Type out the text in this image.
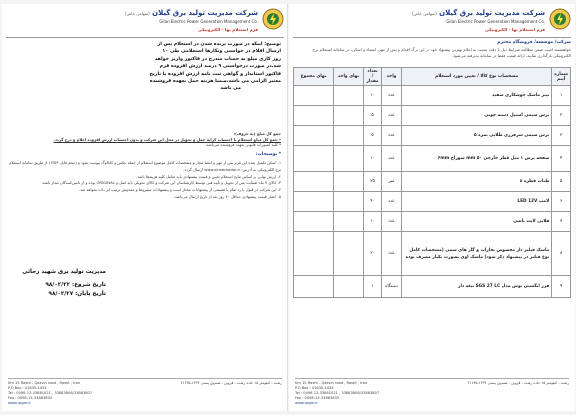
شرکت مدیریت تولید برق گیلان (سهامی خاص)
Gilan Electric Power Generation Management Co.
فرم استعلام بها - الکترونیکی
توضیح: اینکه در صورت برنده شدن در استعلام پس از
ارسال اقلام در خواستی ونکارها استعلامی طی ۱۰
روز کاری مبلغ به حساب مندرج در فاکتور واریز خواهد
شد.در صورت درخواستی ۹ درصد ارزش افزوده فرم
فاکتور استاندار و گواهی ثبت نامه ارزش افزوده با تاریخ
معتبر الزامی می باشد،ضمنا هزینه حمل بعهده فروشنده
می باشد
جمع کل مبلغ (به حروف):
* جمع کل مبلغ استعلام با احتساب کرایه حمل و تحویل در محل این شرکت و بدون احتساب ارزش افزوده اعلام و درج گردد.
* کلیه کسورات قانونی بعهده فروشنده می‌باشد.
* توضیحات:
۱- اسکن تکمیل شده این فرم پس از مهر و امضا مجاز و مشخصات کامل موضوع استعلام از جمله عکس و کاتالوگ پیوست شود و (حجم فایل PDF ) از طریق سامانه استعلام نرخ الکترونیکی به آدرس: www.simakhedar.ir ارسال گردد.
۲- ارزش نهایی بر اساس نتایج استعلام تعیین و قیمت پیشنهادی باید شامل کلیه هزینه‌ها باشد.
۳- کالای ۷ ماه ضمانت پس از تحویل و تأیید فنی توسط کارشناسان این شرکت و کالای تحویلی باید اصل و ORIGINAL بوده و از تامین‌کنندگان مجاز باشد.
۴- این شرکت در قبول یا رد تمام یا قسمتی از پیشنهادات مختار است و پیشنهادات مشروط و مخدوش ترتیب اثر داده نخواهد شد.
۵- اعتبار قیمت پیشنهادی حداقل ۳۰ روز بعد از تاریخ ارسال می‌باشد.
مدیریت تولید برق شهید رجائی
تاریخ شروع: ۹۸/۰۲/۲۲
تاریخ پایان: ۹۸/۰۲/۲۷
Km 15 Rasht - Qazvin road , Rasht , Iran
P.O.Box : 41635-1434
Tel : 0098-13-33881021 , 33883806/33883807
Fax : 0098-13-33883805
www.rpgm.ir
رشت - کیلومتر ۱۵ جاده رشت - قزوین - صندوق پستی ۱۴۳۴-۴۱۶۳۵
شرکت مدیریت تولید برق گیلان (سهامی خاص)
Gilan Electric Power Generation Management Co.
فرم استعلام بها - الکترونیکی
شرکت/ موسسه/ فروشگاه محترم
خواهشمند است ضمن مطالعه شرایط ذیل با دقت نسبت به اعلام بهترین پیشنهاد خود در این برگ اقدام و پس از مهر، امضاء و اسکن، در سامانه استعلام نرخ الکترونیکی بارگذاری نمایید، ارائه قیمت فقط در سامانه پذیرفته می‌شود.
شماره آیتم	مشخصات نوع کالا / تعیین مورد استعلام	واحد	تعداد / مقدار	بهای واحد	بهای مجموع
۱	تینر ماسک جوشکاری سفید	عدد	۱۰		
۲	برس سیمی استیل دسته چوبی	عدد	۵		
۳	برس سیمی سرفرزی طلایی نمره ۵	عدد	۵		
۴	صفحه برش ۱ میل قطر خارجی ۵۰ mm سوراخ ۶mm	عدد	۱۰		
۵	طناب قطره ۸	متر	۲۵		
۶	لامپ LED 12V	عدد	۴۰		
۷	فلایی لایت تاشی	عدد	۱۰		
۸	ماسک فیلتر دار مخصوص بخارات و گاز های سمی (مشخصات کامل نوع فیلتر در پیشنهاد ذکر شود) ماسک اوی بصورت یکبار مصرف بوده	عدد	۲۰		
۹	فرز انگشتی بوش مدل SGS 27 LC تیغه دار	دستگاه	۱		
Km 15 Rasht - Qazvin road , Rasht , Iran
P.O.Box : 41635-1434
Tel : 0098-13-33881021 , 33883806/33883807
Fax : 0098-13-33883805
www.rpgm.ir
رشت - کیلومتر ۱۵ جاده رشت - قزوین - صندوق پستی ۱۴۳۴-۴۱۶۳۵
